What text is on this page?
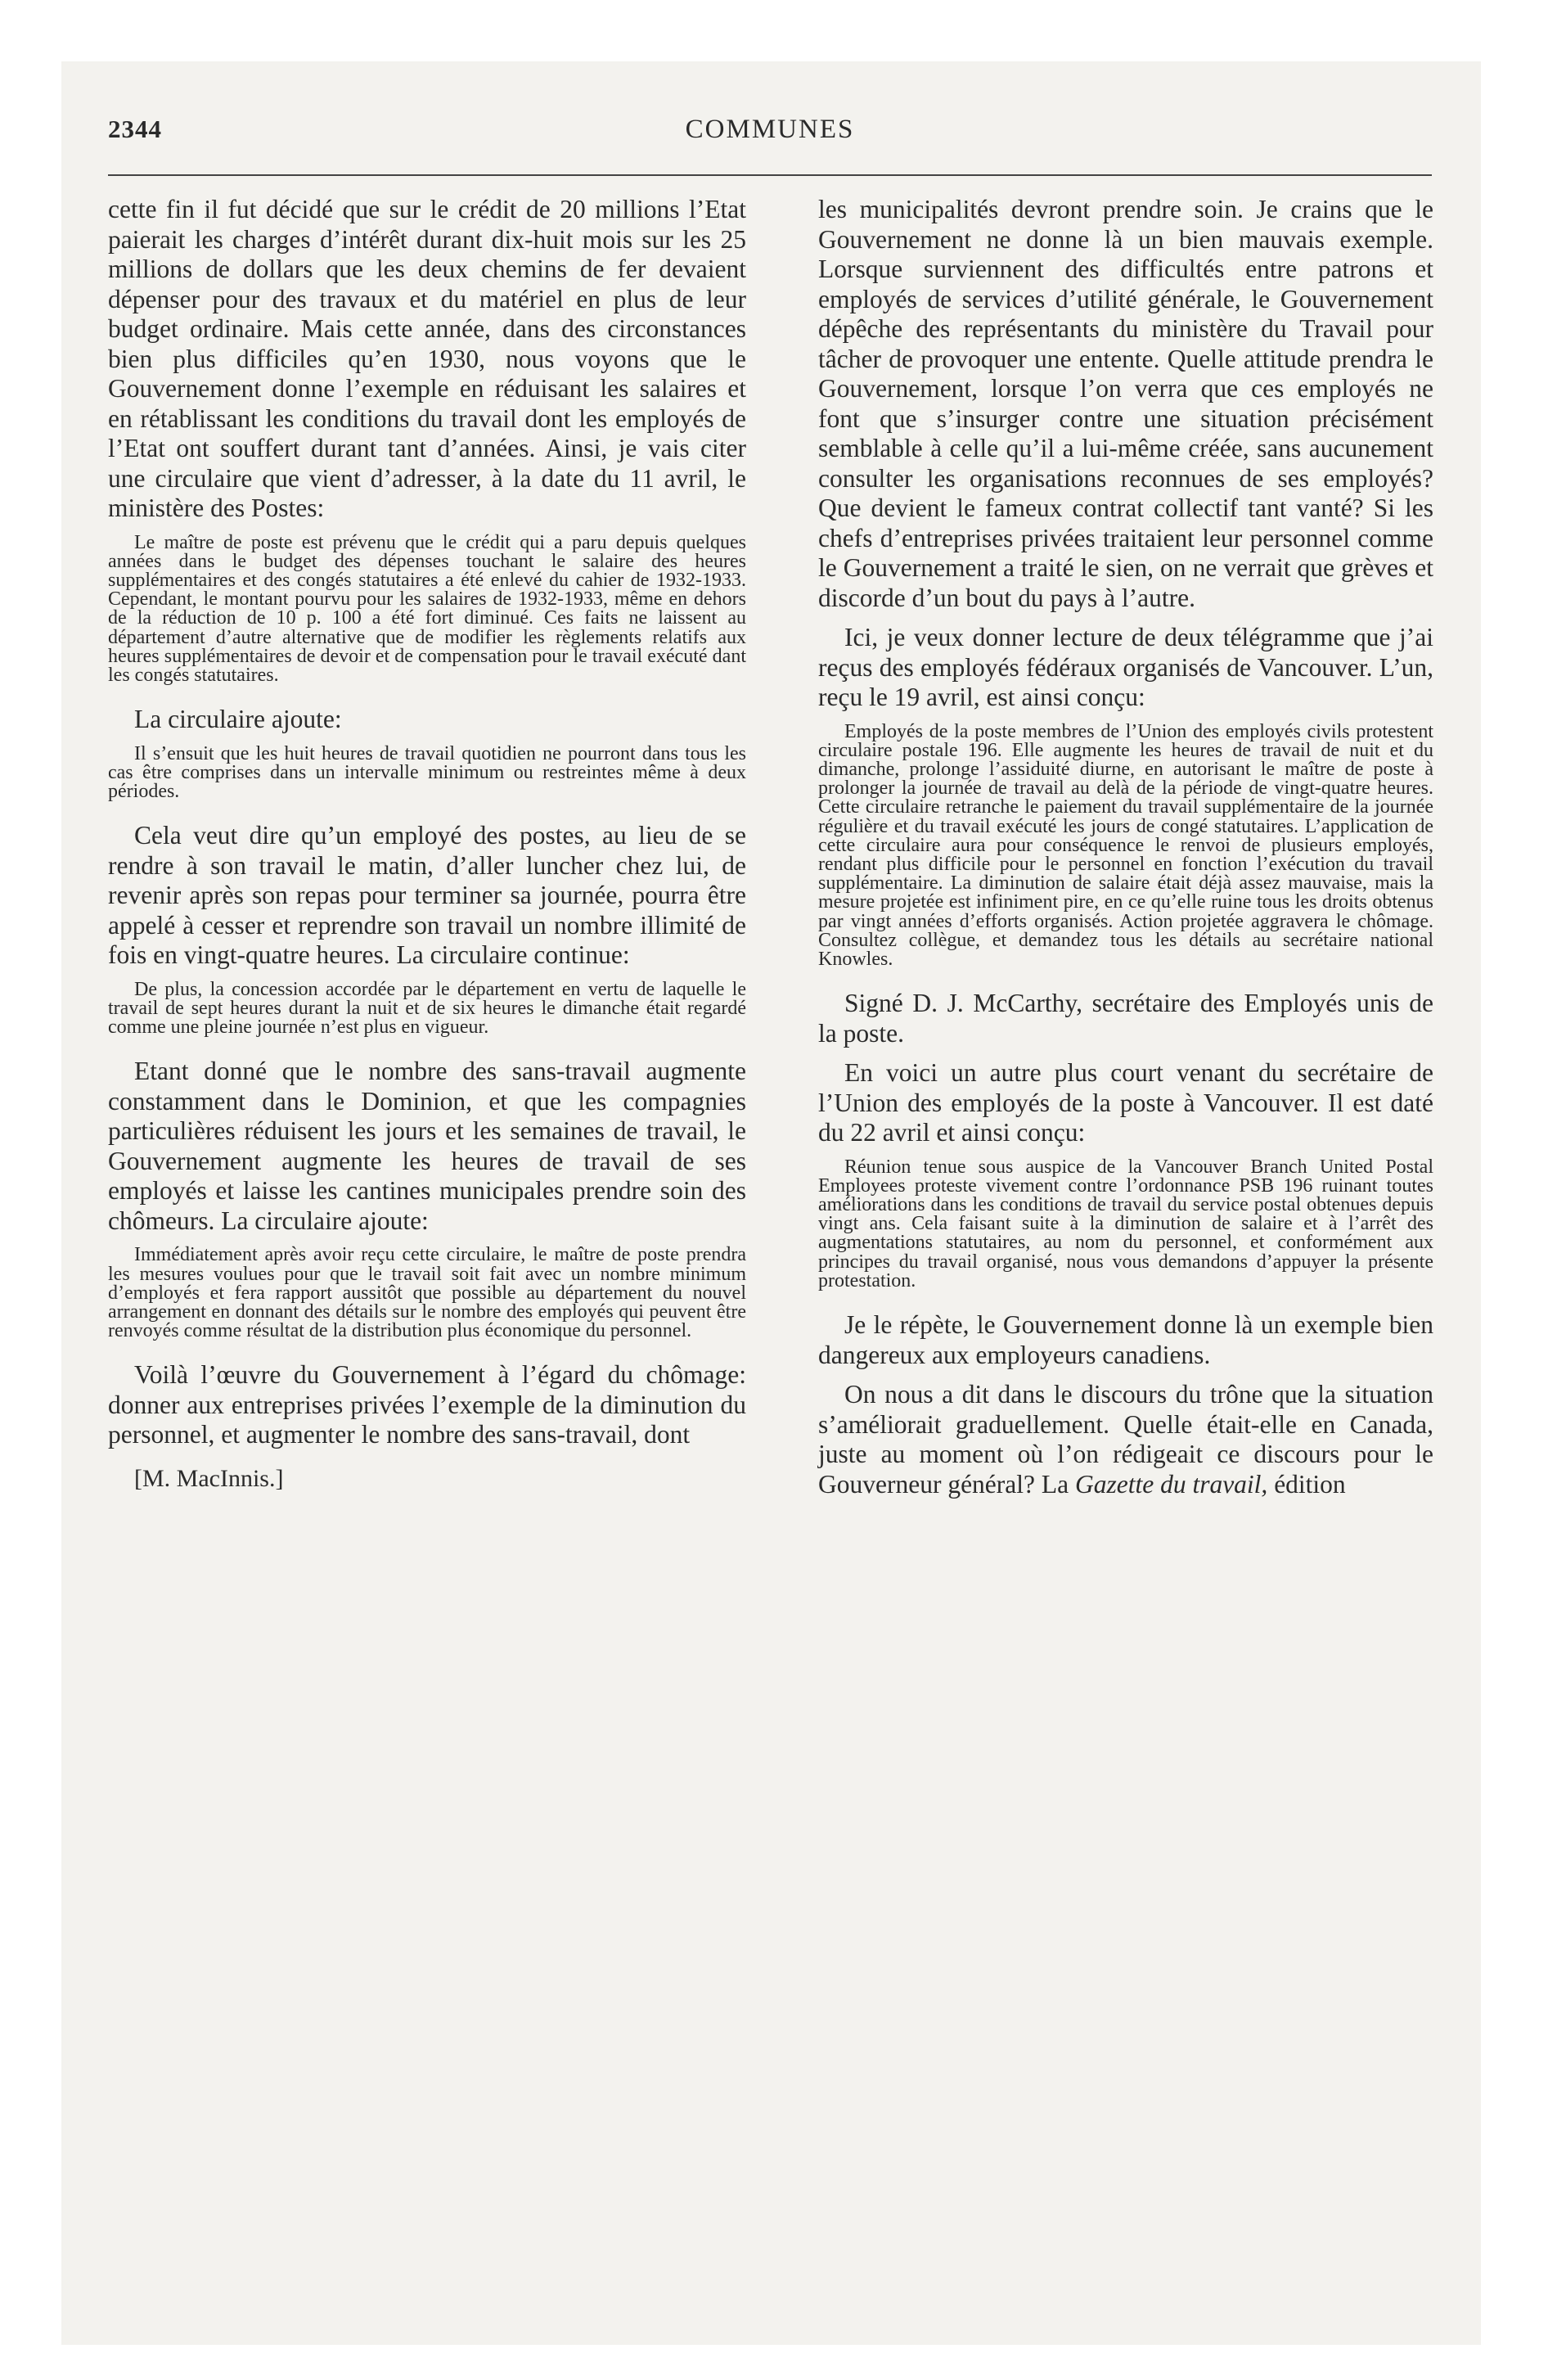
2344	COMMUNES

cette fin il fut décidé que sur le crédit de 20 millions l’Etat paierait les charges d’intérêt durant dix-huit mois sur les 25 millions de dollars que les deux chemins de fer devaient dépenser pour des travaux et du matériel en plus de leur budget ordinaire. Mais cette année, dans des circonstances bien plus difficiles qu’en 1930, nous voyons que le Gouvernement donne l’exemple en réduisant les salaires et en rétablissant les conditions du travail dont les employés de l’Etat ont souffert durant tant d’années. Ainsi, je vais citer une circulaire que vient d’adresser, à la date du 11 avril, le ministère des Postes:

Le maître de poste est prévenu que le crédit qui a paru depuis quelques années dans le budget des dépenses touchant le salaire des heures supplémentaires et des congés statutaires a été enlevé du cahier de 1932-1933. Cependant, le montant pourvu pour les salaires de 1932-1933, même en dehors de la réduction de 10 p. 100 a été fort diminué. Ces faits ne laissent au département d’autre alternative que de modifier les règlements relatifs aux heures supplémentaires de devoir et de compensation pour le travail exécuté dant les congés statutaires.

La circulaire ajoute:

Il s’ensuit que les huit heures de travail quotidien ne pourront dans tous les cas être comprises dans un intervalle minimum ou restreintes même à deux périodes.

Cela veut dire qu’un employé des postes, au lieu de se rendre à son travail le matin, d’aller luncher chez lui, de revenir après son repas pour terminer sa journée, pourra être appelé à cesser et reprendre son travail un nombre illimité de fois en vingt-quatre heures. La circulaire continue:

De plus, la concession accordée par le département en vertu de laquelle le travail de sept heures durant la nuit et de six heures le dimanche était regardé comme une pleine journée n’est plus en vigueur.

Etant donné que le nombre des sans-travail augmente constamment dans le Dominion, et que les compagnies particulières réduisent les jours et les semaines de travail, le Gouvernement augmente les heures de travail de ses employés et laisse les cantines municipales prendre soin des chômeurs. La circulaire ajoute:

Immédiatement après avoir reçu cette circulaire, le maître de poste prendra les mesures voulues pour que le travail soit fait avec un nombre minimum d’employés et fera rapport aussitôt que possible au département du nouvel arrangement en donnant des détails sur le nombre des employés qui peuvent être renvoyés comme résultat de la distribution plus économique du personnel.

Voilà l’œuvre du Gouvernement à l’égard du chômage: donner aux entreprises privées l’exemple de la diminution du personnel, et augmenter le nombre des sans-travail, dont

[M. MacInnis.]

les municipalités devront prendre soin. Je crains que le Gouvernement ne donne là un bien mauvais exemple. Lorsque surviennent des difficultés entre patrons et employés de services d’utilité générale, le Gouvernement dépêche des représentants du ministère du Travail pour tâcher de provoquer une entente. Quelle attitude prendra le Gouvernement, lorsque l’on verra que ces employés ne font que s’insurger contre une situation précisément semblable à celle qu’il a lui-même créée, sans aucunement consulter les organisations reconnues de ses employés? Que devient le fameux contrat collectif tant vanté? Si les chefs d’entreprises privées traitaient leur personnel comme le Gouvernement a traité le sien, on ne verrait que grèves et discorde d’un bout du pays à l’autre.

Ici, je veux donner lecture de deux télégramme que j’ai reçus des employés fédéraux organisés de Vancouver. L’un, reçu le 19 avril, est ainsi conçu:

Employés de la poste membres de l’Union des employés civils protestent circulaire postale 196. Elle augmente les heures de travail de nuit et du dimanche, prolonge l’assiduité diurne, en autorisant le maître de poste à prolonger la journée de travail au delà de la période de vingt-quatre heures. Cette circulaire retranche le paiement du travail supplémentaire de la journée régulière et du travail exécuté les jours de congé statutaires. L’application de cette circulaire aura pour conséquence le renvoi de plusieurs employés, rendant plus difficile pour le personnel en fonction l’exécution du travail supplémentaire. La diminution de salaire était déjà assez mauvaise, mais la mesure projetée est infiniment pire, en ce qu’elle ruine tous les droits obtenus par vingt années d’efforts organisés. Action projetée aggravera le chômage. Consultez collègue, et demandez tous les détails au secrétaire national Knowles.

Signé D. J. McCarthy, secrétaire des Employés unis de la poste.

En voici un autre plus court venant du secrétaire de l’Union des employés de la poste à Vancouver. Il est daté du 22 avril et ainsi conçu:

Réunion tenue sous auspice de la Vancouver Branch United Postal Employees proteste vivement contre l’ordonnance PSB 196 ruinant toutes améliorations dans les conditions de travail du service postal obtenues depuis vingt ans. Cela faisant suite à la diminution de salaire et à l’arrêt des augmentations statutaires, au nom du personnel, et conformément aux principes du travail organisé, nous vous demandons d’appuyer la présente protestation.

Je le répète, le Gouvernement donne là un exemple bien dangereux aux employeurs canadiens.

On nous a dit dans le discours du trône que la situation s’améliorait graduellement. Quelle était-elle en Canada, juste au moment où l’on rédigeait ce discours pour le Gouverneur général? La Gazette du travail, édition
